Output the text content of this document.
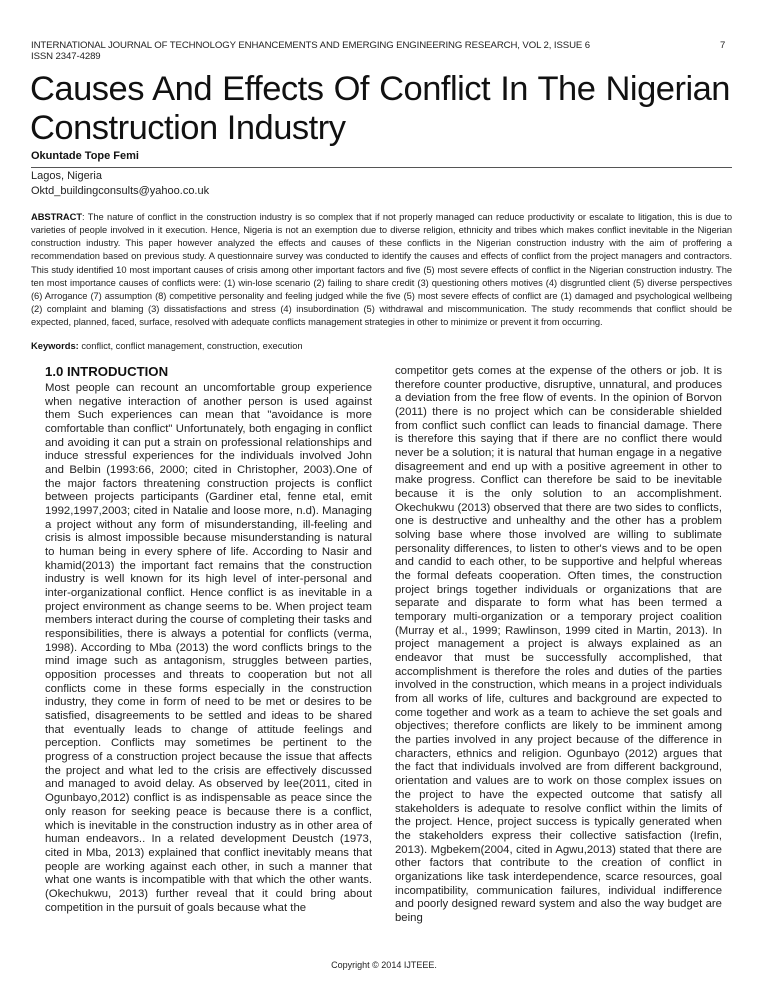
INTERNATIONAL JOURNAL OF TECHNOLOGY ENHANCEMENTS AND EMERGING ENGINEERING RESEARCH, VOL 2, ISSUE 6
ISSN 2347-4289
7
Causes And Effects Of Conflict In The Nigerian
Construction Industry
Okuntade Tope Femi
Lagos, Nigeria
Oktd_buildingconsults@yahoo.co.uk
ABSTRACT: The nature of conflict in the construction industry is so complex that if not properly managed can reduce productivity or escalate to litigation, this is due to varieties of people involved in it execution. Hence, Nigeria is not an exemption due to diverse religion, ethnicity and tribes which makes conflict inevitable in the Nigerian construction industry. This paper however analyzed the effects and causes of these conflicts in the Nigerian construction industry with the aim of proffering a recommendation based on previous study. A questionnaire survey was conducted to identify the causes and effects of conflict from the project managers and contractors. This study identified 10 most important causes of crisis among other important factors and five (5) most severe effects of conflict in the Nigerian construction industry. The ten most importance causes of conflicts were: (1) win-lose scenario (2) failing to share credit (3) questioning others motives (4) disgruntled client (5) diverse perspectives (6) Arrogance (7) assumption (8) competitive personality and feeling judged while the five (5) most severe effects of conflict are (1) damaged and psychological wellbeing (2) complaint and blaming (3) dissatisfactions and stress (4) insubordination (5) withdrawal and miscommunication. The study recommends that conflict should be expected, planned, faced, surface, resolved with adequate conflicts management strategies in other to minimize or prevent it from occurring.
Keywords: conflict, conflict management, construction, execution
1.0 INTRODUCTION
Most people can recount an uncomfortable group experience when negative interaction of another person is used against them Such experiences can mean that "avoidance is more comfortable than conflict" Unfortunately, both engaging in conflict and avoiding it can put a strain on professional relationships and induce stressful experiences for the individuals involved John and Belbin (1993:66, 2000; cited in Christopher, 2003).One of the major factors threatening construction projects is conflict between projects participants (Gardiner etal, fenne etal, emit 1992,1997,2003; cited in Natalie and loose more, n.d). Managing a project without any form of misunderstanding, ill-feeling and crisis is almost impossible because misunderstanding is natural to human being in every sphere of life. According to Nasir and khamid(2013) the important fact remains that the construction industry is well known for its high level of inter-personal and inter-organizational conflict. Hence conflict is as inevitable in a project environment as change seems to be. When project team members interact during the course of completing their tasks and responsibilities, there is always a potential for conflicts (verma, 1998). According to Mba (2013) the word conflicts brings to the mind image such as antagonism, struggles between parties, opposition processes and threats to cooperation but not all conflicts come in these forms especially in the construction industry, they come in form of need to be met or desires to be satisfied, disagreements to be settled and ideas to be shared that eventually leads to change of attitude feelings and perception. Conflicts may sometimes be pertinent to the progress of a construction project because the issue that affects the project and what led to the crisis are effectively discussed and managed to avoid delay. As observed by lee(2011, cited in Ogunbayo,2012) conflict is as indispensable as peace since the only reason for seeking peace is because there is a conflict, which is inevitable in the construction industry as in other area of human endeavors.. In a related development Deustch (1973, cited in Mba, 2013) explained that conflict inevitably means that people are working against each other, in such a manner that what one wants is incompatible with that which the other wants. (Okechukwu, 2013) further reveal that it could bring about competition in the pursuit of goals because what the
competitor gets comes at the expense of the others or job. It is therefore counter productive, disruptive, unnatural, and produces a deviation from the free flow of events. In the opinion of Borvon (2011) there is no project which can be considerable shielded from conflict such conflict can leads to financial damage. There is therefore this saying that if there are no conflict there would never be a solution; it is natural that human engage in a negative disagreement and end up with a positive agreement in other to make progress. Conflict can therefore be said to be inevitable because it is the only solution to an accomplishment. Okechukwu (2013) observed that there are two sides to conflicts, one is destructive and unhealthy and the other has a problem solving base where those involved are willing to sublimate personality differences, to listen to other's views and to be open and candid to each other, to be supportive and helpful whereas the formal defeats cooperation. Often times, the construction project brings together individuals or organizations that are separate and disparate to form what has been termed a temporary multi-organization or a temporary project coalition (Murray et al., 1999; Rawlinson, 1999 cited in Martin, 2013). In project management a project is always explained as an endeavor that must be successfully accomplished, that accomplishment is therefore the roles and duties of the parties involved in the construction, which means in a project individuals from all works of life, cultures and background are expected to come together and work as a team to achieve the set goals and objectives; therefore conflicts are likely to be imminent among the parties involved in any project because of the difference in characters, ethnics and religion. Ogunbayo (2012) argues that the fact that individuals involved are from different background, orientation and values are to work on those complex issues on the project to have the expected outcome that satisfy all stakeholders is adequate to resolve conflict within the limits of the project. Hence, project success is typically generated when the stakeholders express their collective satisfaction (Irefin, 2013). Mgbekem(2004, cited in Agwu,2013) stated that there are other factors that contribute to the creation of conflict in organizations like task interdependence, scarce resources, goal incompatibility, communication failures, individual indifference and poorly designed reward system and also the way budget are being
Copyright © 2014 IJTEEE.
